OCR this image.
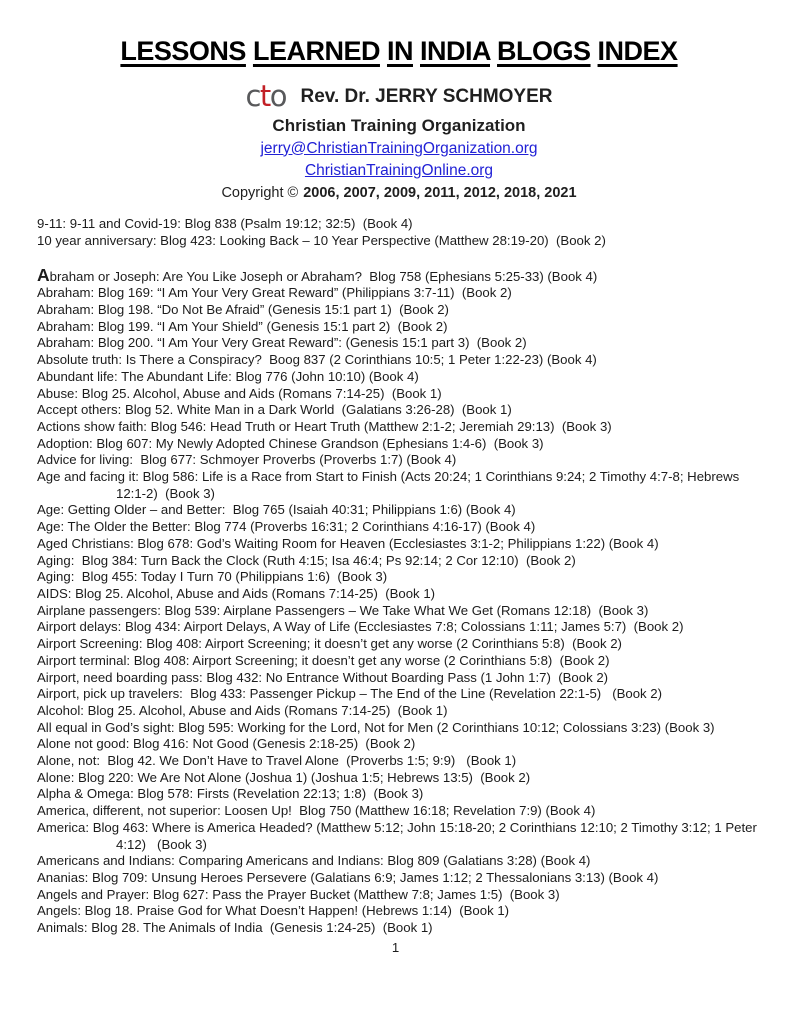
LESSONS LEARNED IN INDIA BLOGS INDEX
cto Rev. Dr. JERRY SCHMOYER
Christian Training Organization
jerry@ChristianTrainingOrganization.org
ChristianTrainingOnline.org
Copyright © 2006, 2007, 2009, 2011, 2012, 2018, 2021
9-11: 9-11 and Covid-19: Blog 838 (Psalm 19:12; 32:5)  (Book 4)
10 year anniversary: Blog 423: Looking Back – 10 Year Perspective (Matthew 28:19-20)  (Book 2)
Abraham or Joseph: Are You Like Joseph or Abraham?  Blog 758 (Ephesians 5:25-33) (Book 4)
Abraham: Blog 169: “I Am Your Very Great Reward” (Philippians 3:7-11)  (Book 2)
Abraham: Blog 198. “Do Not Be Afraid” (Genesis 15:1 part 1)  (Book 2)
Abraham: Blog 199. “I Am Your Shield” (Genesis 15:1 part 2)  (Book 2)
Abraham: Blog 200. “I Am Your Very Great Reward”: (Genesis 15:1 part 3)  (Book 2)
Absolute truth: Is There a Conspiracy?  Boog 837 (2 Corinthians 10:5; 1 Peter 1:22-23) (Book 4)
Abundant life: The Abundant Life: Blog 776 (John 10:10) (Book 4)
Abuse: Blog 25. Alcohol, Abuse and Aids (Romans 7:14-25)  (Book 1)
Accept others: Blog 52. White Man in a Dark World  (Galatians 3:26-28)  (Book 1)
Actions show faith: Blog 546: Head Truth or Heart Truth (Matthew 2:1-2; Jeremiah 29:13)  (Book 3)
Adoption: Blog 607: My Newly Adopted Chinese Grandson (Ephesians 1:4-6)  (Book 3)
Advice for living:  Blog 677: Schmoyer Proverbs (Proverbs 1:7) (Book 4)
Age and facing it: Blog 586: Life is a Race from Start to Finish (Acts 20:24; 1 Corinthians 9:24; 2 Timothy 4:7-8; Hebrews 12:1-2)  (Book 3)
Age: Getting Older – and Better:  Blog 765 (Isaiah 40:31; Philippians 1:6) (Book 4)
Age: The Older the Better: Blog 774 (Proverbs 16:31; 2 Corinthians 4:16-17) (Book 4)
Aged Christians: Blog 678: God’s Waiting Room for Heaven (Ecclesiastes 3:1-2; Philippians 1:22) (Book 4)
Aging:  Blog 384: Turn Back the Clock (Ruth 4:15; Isa 46:4; Ps 92:14; 2 Cor 12:10)  (Book 2)
Aging:  Blog 455: Today I Turn 70 (Philippians 1:6)  (Book 3)
AIDS: Blog 25. Alcohol, Abuse and Aids (Romans 7:14-25)  (Book 1)
Airplane passengers: Blog 539: Airplane Passengers – We Take What We Get (Romans 12:18)  (Book 3)
Airport delays: Blog 434: Airport Delays, A Way of Life (Ecclesiastes 7:8; Colossians 1:11; James 5:7)  (Book 2)
Airport Screening: Blog 408: Airport Screening; it doesn’t get any worse (2 Corinthians 5:8)  (Book 2)
Airport terminal: Blog 408: Airport Screening; it doesn’t get any worse (2 Corinthians 5:8)  (Book 2)
Airport, need boarding pass: Blog 432: No Entrance Without Boarding Pass (1 John 1:7)  (Book 2)
Airport, pick up travelers:  Blog 433: Passenger Pickup – The End of the Line (Revelation 22:1-5)   (Book 2)
Alcohol: Blog 25. Alcohol, Abuse and Aids (Romans 7:14-25)  (Book 1)
All equal in God’s sight: Blog 595: Working for the Lord, Not for Men (2 Corinthians 10:12; Colossians 3:23) (Book 3)
Alone not good: Blog 416: Not Good (Genesis 2:18-25)  (Book 2)
Alone, not:  Blog 42. We Don’t Have to Travel Alone  (Proverbs 1:5; 9:9)   (Book 1)
Alone: Blog 220: We Are Not Alone (Joshua 1) (Joshua 1:5; Hebrews 13:5)  (Book 2)
Alpha & Omega: Blog 578: Firsts (Revelation 22:13; 1:8)  (Book 3)
America, different, not superior: Loosen Up!  Blog 750 (Matthew 16:18; Revelation 7:9) (Book 4)
America: Blog 463: Where is America Headed? (Matthew 5:12; John 15:18-20; 2 Corinthians 12:10; 2 Timothy 3:12; 1 Peter 4:12)   (Book 3)
Americans and Indians: Comparing Americans and Indians: Blog 809 (Galatians 3:28) (Book 4)
Ananias: Blog 709: Unsung Heroes Persevere (Galatians 6:9; James 1:12; 2 Thessalonians 3:13) (Book 4)
Angels and Prayer: Blog 627: Pass the Prayer Bucket (Matthew 7:8; James 1:5)  (Book 3)
Angels: Blog 18. Praise God for What Doesn’t Happen! (Hebrews 1:14)  (Book 1)
Animals: Blog 28. The Animals of India  (Genesis 1:24-25)  (Book 1)
1
